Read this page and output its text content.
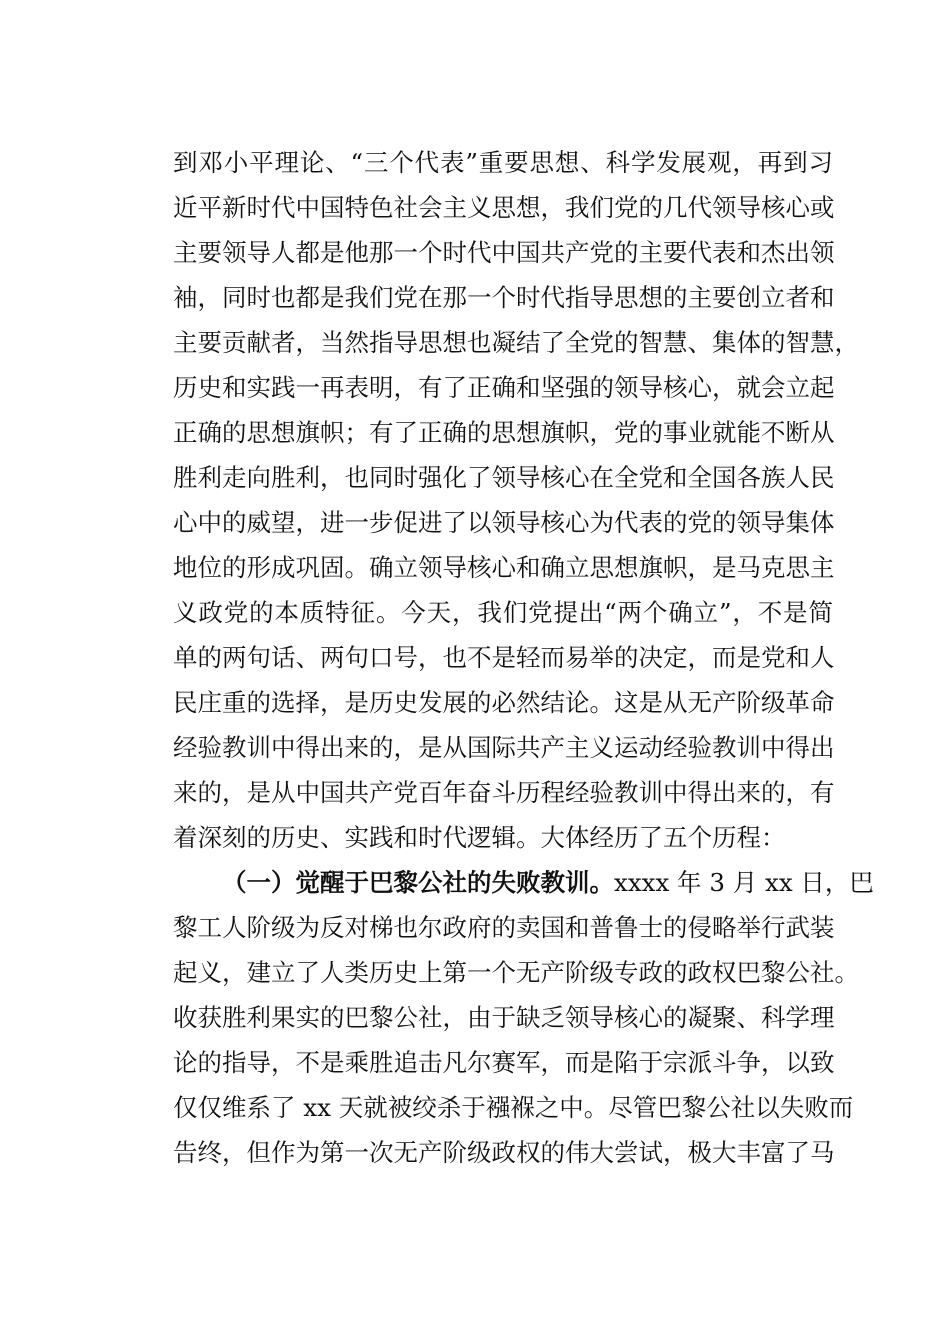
到邓小平理论、“三个代表”重要思想、科学发展观，再到习
近平新时代中国特色社会主义思想，我们党的几代领导核心或
主要领导人都是他那一个时代中国共产党的主要代表和杰出领
袖，同时也都是我们党在那一个时代指导思想的主要创立者和
主要贡献者，当然指导思想也凝结了全党的智慧、集体的智慧，
历史和实践一再表明，有了正确和坚强的领导核心，就会立起
正确的思想旗帜；有了正确的思想旗帜，党的事业就能不断从
胜利走向胜利，也同时强化了领导核心在全党和全国各族人民
心中的威望，进一步促进了以领导核心为代表的党的领导集体
地位的形成巩固。确立领导核心和确立思想旗帜，是马克思主
义政党的本质特征。今天，我们党提出“两个确立”，不是简
单的两句话、两句口号，也不是轻而易举的决定，而是党和人
民庄重的选择，是历史发展的必然结论。这是从无产阶级革命
经验教训中得出来的，是从国际共产主义运动经验教训中得出
来的，是从中国共产党百年奋斗历程经验教训中得出来的，有
着深刻的历史、实践和时代逻辑。大体经历了五个历程：
（一）觉醒于巴黎公社的失败教训。xxxx 年 3 月 xx 日，巴
黎工人阶级为反对梯也尔政府的卖国和普鲁士的侵略举行武装
起义，建立了人类历史上第一个无产阶级专政的政权巴黎公社。
收获胜利果实的巴黎公社，由于缺乏领导核心的凝聚、科学理
论的指导，不是乘胜追击凡尔赛军，而是陷于宗派斗争，以致
仅仅维系了 xx 天就被绞杀于襁褓之中。尽管巴黎公社以失败而
告终，但作为第一次无产阶级政权的伟大尝试，极大丰富了马
